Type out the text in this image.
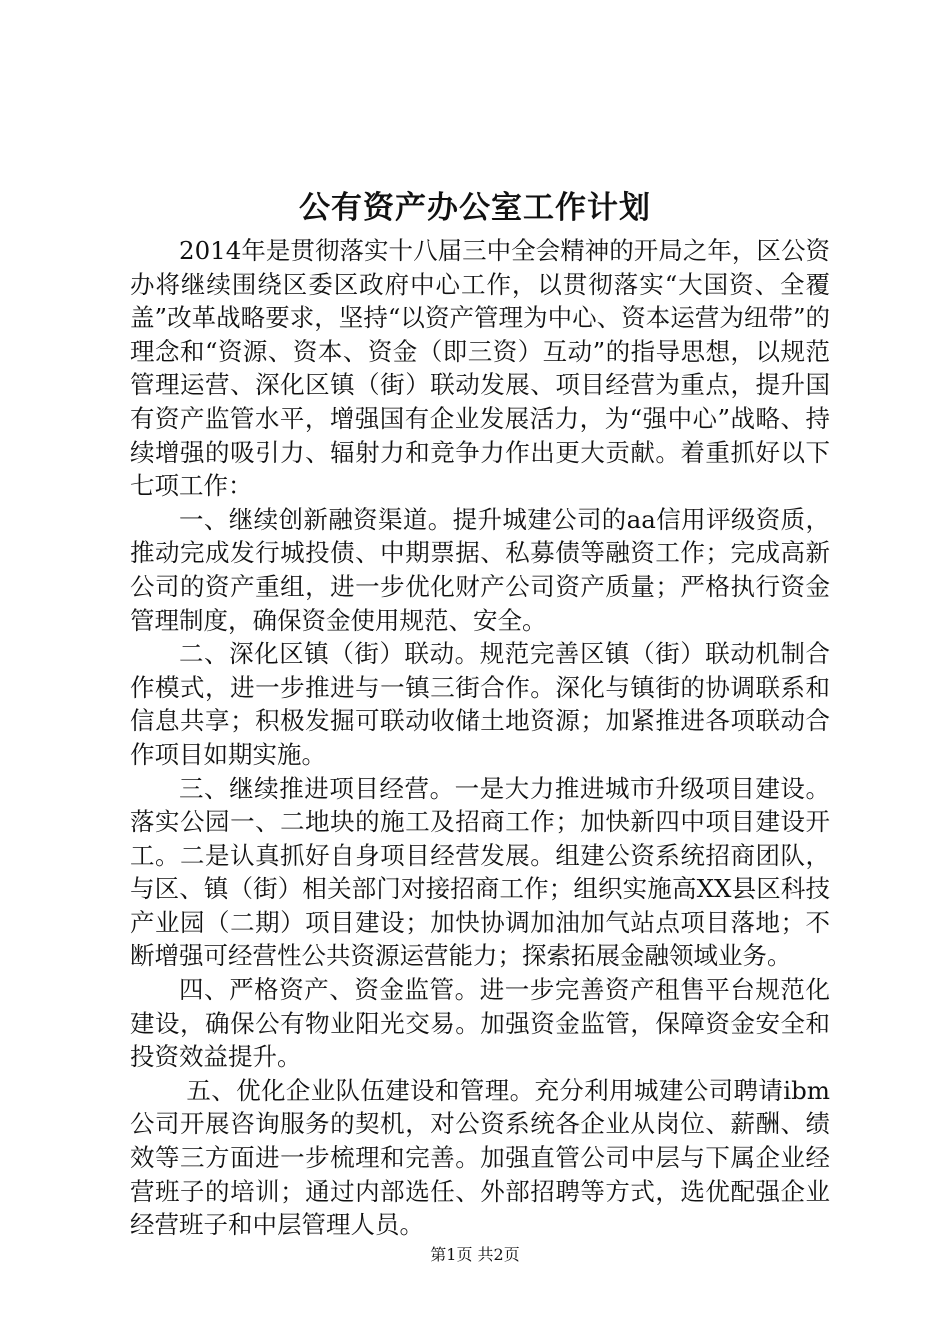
公有资产办公室工作计划

2014年是贯彻落实十八届三中全会精神的开局之年，区公资办将继续围绕区委区政府中心工作，以贯彻落实“大国资、全覆盖”改革战略要求，坚持“以资产管理为中心、资本运营为纽带”的理念和“资源、资本、资金（即三资）互动”的指导思想，以规范管理运营、深化区镇（街）联动发展、项目经营为重点，提升国有资产监管水平，增强国有企业发展活力，为“强中心”战略、持续增强的吸引力、辐射力和竞争力作出更大贡献。着重抓好以下七项工作：

一、继续创新融资渠道。提升城建公司的aa信用评级资质，推动完成发行城投债、中期票据、私募债等融资工作；完成高新公司的资产重组，进一步优化财产公司资产质量；严格执行资金管理制度，确保资金使用规范、安全。

二、深化区镇（街）联动。规范完善区镇（街）联动机制合作模式，进一步推进与一镇三街合作。深化与镇街的协调联系和信息共享；积极发掘可联动收储土地资源；加紧推进各项联动合作项目如期实施。

三、继续推进项目经营。一是大力推进城市升级项目建设。落实公园一、二地块的施工及招商工作；加快新四中项目建设开工。二是认真抓好自身项目经营发展。组建公资系统招商团队，与区、镇（街）相关部门对接招商工作；组织实施高XX县区科技产业园（二期）项目建设；加快协调加油加气站点项目落地；不断增强可经营性公共资源运营能力；探索拓展金融领域业务。

四、严格资产、资金监管。进一步完善资产租售平台规范化建设，确保公有物业阳光交易。加强资金监管，保障资金安全和投资效益提升。

五、优化企业队伍建设和管理。充分利用城建公司聘请ibm公司开展咨询服务的契机，对公资系统各企业从岗位、薪酬、绩效等三方面进一步梳理和完善。加强直管公司中层与下属企业经营班子的培训；通过内部选任、外部招聘等方式，选优配强企业经营班子和中层管理人员。

第1页 共2页
